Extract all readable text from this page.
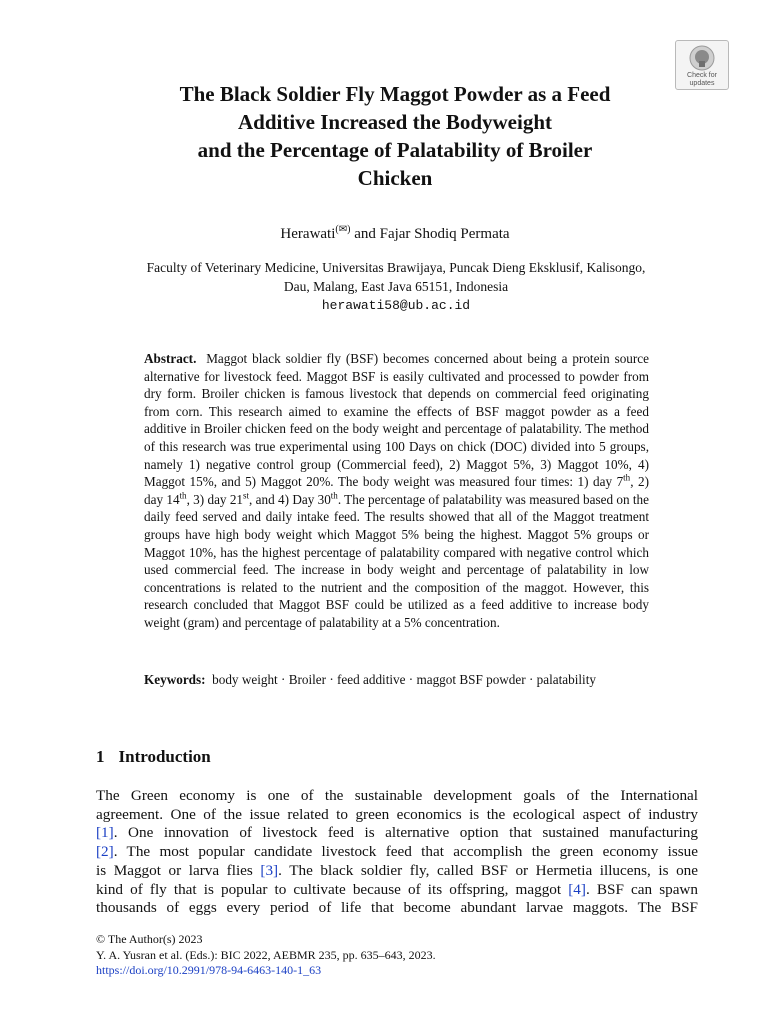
Check for
updates
The Black Soldier Fly Maggot Powder as a Feed
Additive Increased the Bodyweight
and the Percentage of Palatability of Broiler
Chicken
Herawati(✉) and Fajar Shodiq Permata
Faculty of Veterinary Medicine, Universitas Brawijaya, Puncak Dieng Eksklusif, Kalisongo,
Dau, Malang, East Java 65151, Indonesia
herawati58@ub.ac.id

Abstract. Maggot black soldier fly (BSF) becomes concerned about being a protein source alternative for livestock feed. Maggot BSF is easily cultivated and processed to powder from dry form. Broiler chicken is famous livestock that depends on commercial feed originating from corn. This research aimed to examine the effects of BSF maggot powder as a feed additive in Broiler chicken feed on the body weight and percentage of palatability. The method of this research was true experimental using 100 Days on chick (DOC) divided into 5 groups, namely 1) negative control group (Commercial feed), 2) Maggot 5%, 3) Maggot 10%, 4) Maggot 15%, and 5) Maggot 20%. The body weight was measured four times: 1) day 7th, 2) day 14th, 3) day 21st, and 4) Day 30th. The percentage of palatability was measured based on the daily feed served and daily intake feed. The results showed that all of the Maggot treatment groups have high body weight which Maggot 5% being the highest. Maggot 5% groups or Maggot 10%, has the highest percentage of palatability compared with negative control which used commercial feed. The increase in body weight and percentage of palatability in low concentrations is related to the nutrient and the composition of the maggot. However, this research concluded that Maggot BSF could be utilized as a feed additive to increase body weight (gram) and percentage of palatability at a 5% concentration.

Keywords: body weight · Broiler · feed additive · maggot BSF powder · palatability

1 Introduction
The Green economy is one of the sustainable development goals of the International
agreement. One of the issue related to green economics is the ecological aspect of industry
[1]. One innovation of livestock feed is alternative option that sustained manufacturing
[2]. The most popular candidate livestock feed that accomplish the green economy issue
is Maggot or larva flies [3]. The black soldier fly, called BSF or Hermetia illucens, is one
kind of fly that is popular to cultivate because of its offspring, maggot [4]. BSF can spawn
thousands of eggs every period of life that become abundant larvae maggots. The BSF
© The Author(s) 2023
Y. A. Yusran et al. (Eds.): BIC 2022, AEBMR 235, pp. 635–643, 2023.
https://doi.org/10.2991/978-94-6463-140-1_63
